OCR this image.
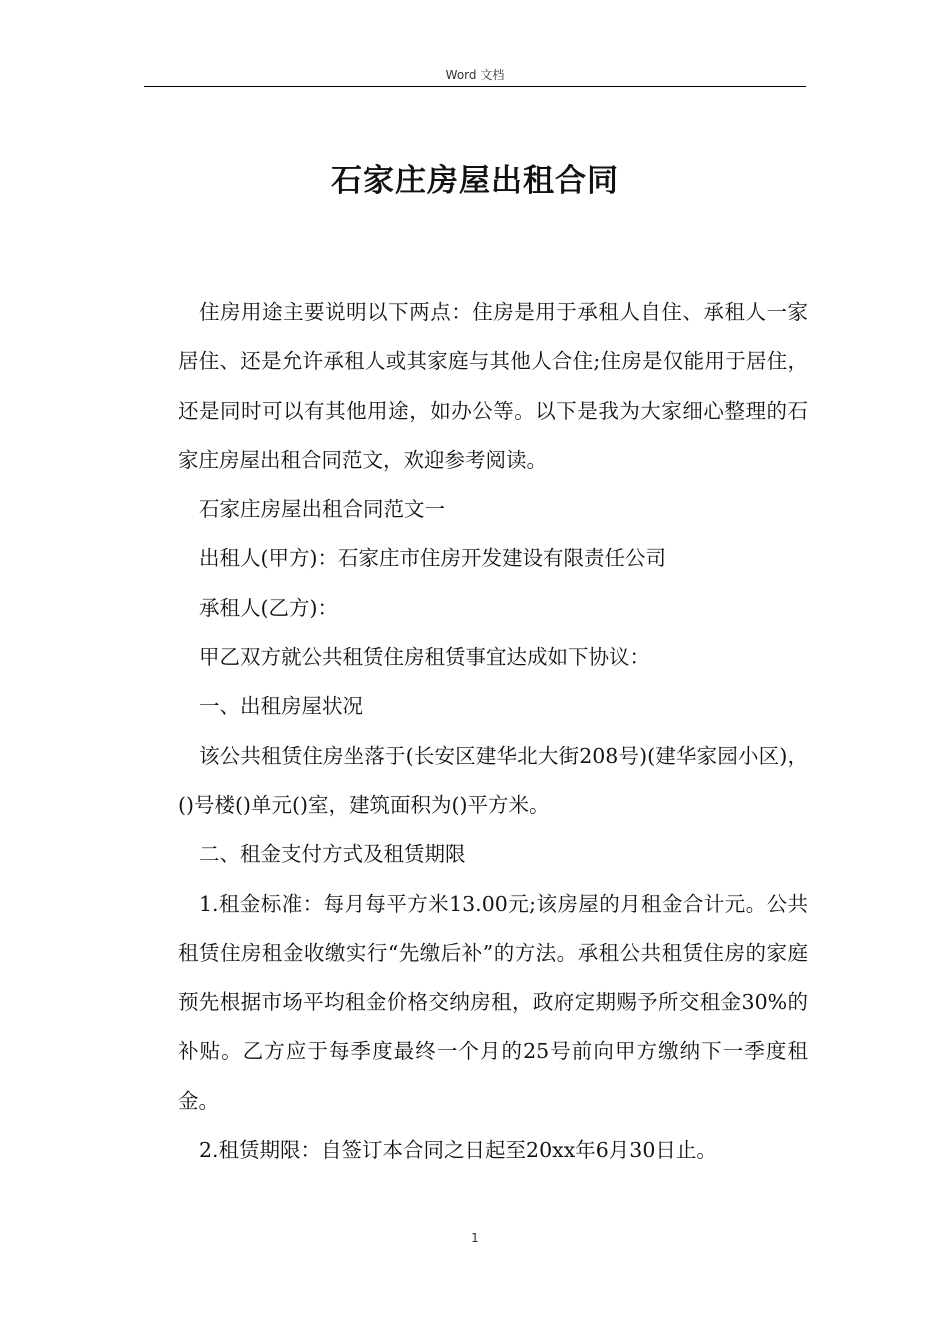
Word 文档
石家庄房屋出租合同

住房用途主要说明以下两点：住房是用于承租人自住、承租人一家居住、还是允许承租人或其家庭与其他人合住;住房是仅能用于居住，还是同时可以有其他用途，如办公等。以下是我为大家细心整理的石家庄房屋出租合同范文，欢迎参考阅读。

石家庄房屋出租合同范文一

出租人(甲方)：石家庄市住房开发建设有限责任公司

承租人(乙方)：

甲乙双方就公共租赁住房租赁事宜达成如下协议：

一、出租房屋状况

该公共租赁住房坐落于(长安区建华北大街208号)(建华家园小区)，()号楼()单元()室，建筑面积为()平方米。

二、租金支付方式及租赁期限

1.租金标准：每月每平方米13.00元;该房屋的月租金合计元。公共租赁住房租金收缴实行“先缴后补”的方法。承租公共租赁住房的家庭预先根据市场平均租金价格交纳房租，政府定期赐予所交租金30%的补贴。乙方应于每季度最终一个月的25号前向甲方缴纳下一季度租金。

2.租赁期限：自签订本合同之日起至20xx年6月30日止。

1
